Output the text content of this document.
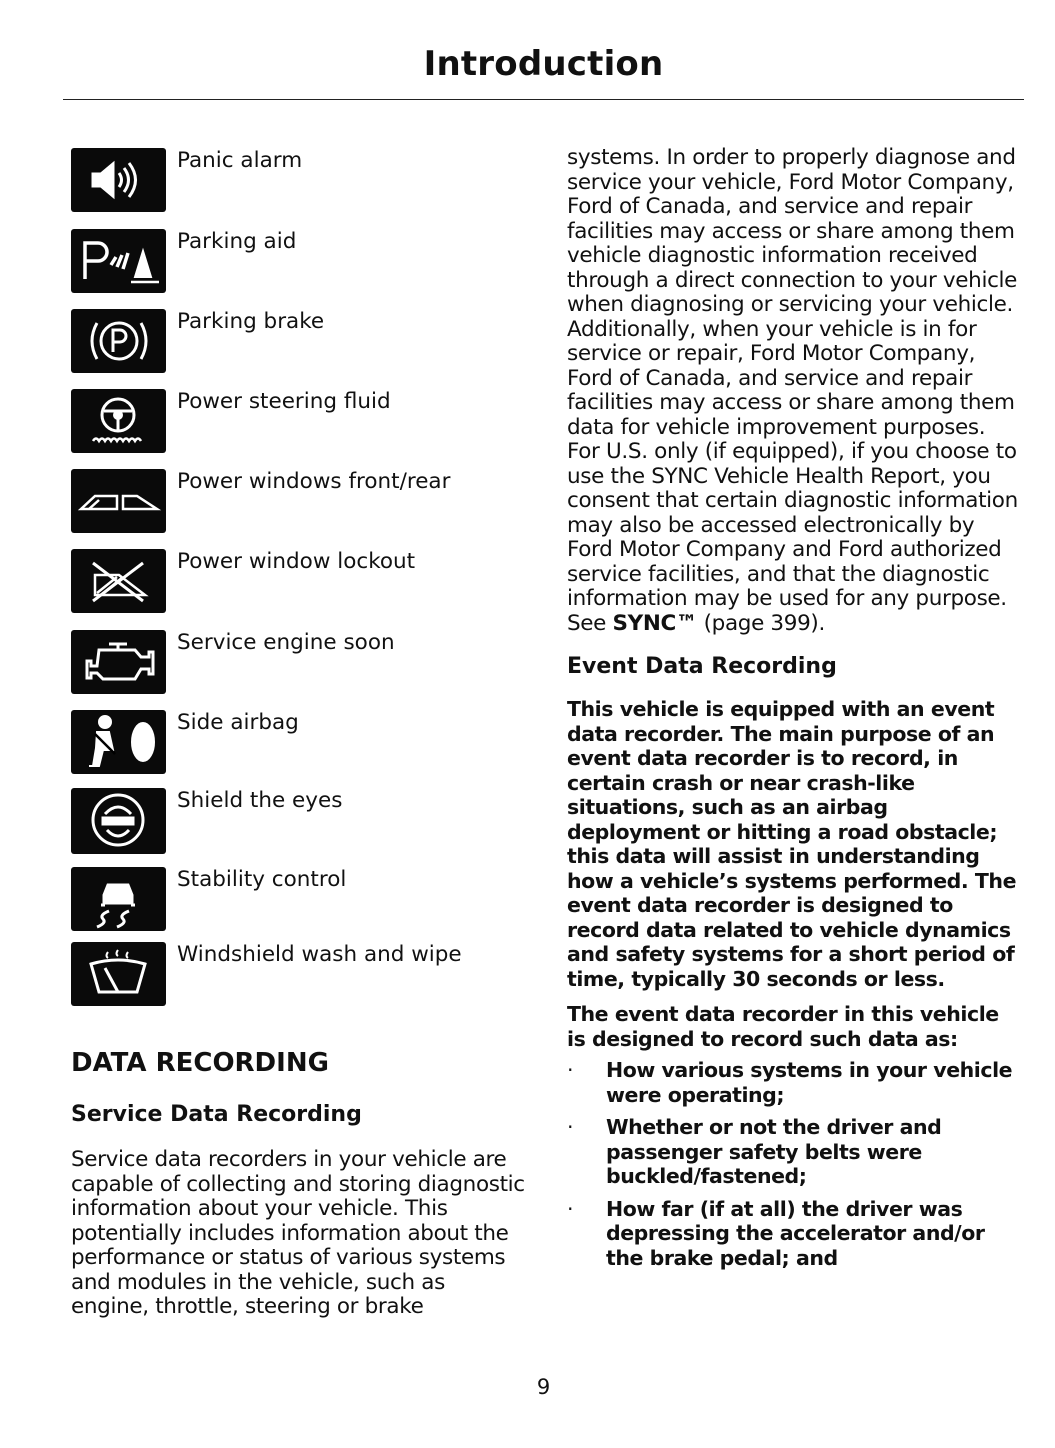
Introduction
Panic alarm
Parking aid
Parking brake
Power steering fluid
Power windows front/rear
Power window lockout
Service engine soon
Side airbag
Shield the eyes
Stability control
Windshield wash and wipe
DATA RECORDING
Service Data Recording
Service data recorders in your vehicle are capable of collecting and storing diagnostic information about your vehicle. This potentially includes information about the performance or status of various systems and modules in the vehicle, such as engine, throttle, steering or brake
systems. In order to properly diagnose and service your vehicle, Ford Motor Company, Ford of Canada, and service and repair facilities may access or share among them vehicle diagnostic information received through a direct connection to your vehicle when diagnosing or servicing your vehicle. Additionally, when your vehicle is in for service or repair, Ford Motor Company, Ford of Canada, and service and repair facilities may access or share among them data for vehicle improvement purposes. For U.S. only (if equipped), if you choose to use the SYNC Vehicle Health Report, you consent that certain diagnostic information may also be accessed electronically by Ford Motor Company and Ford authorized service facilities, and that the diagnostic information may be used for any purpose. See SYNC™ (page 399).
Event Data Recording
This vehicle is equipped with an event data recorder. The main purpose of an event data recorder is to record, in certain crash or near crash-like situations, such as an airbag deployment or hitting a road obstacle; this data will assist in understanding how a vehicle’s systems performed. The event data recorder is designed to record data related to vehicle dynamics and safety systems for a short period of time, typically 30 seconds or less.
The event data recorder in this vehicle is designed to record such data as:
· How various systems in your vehicle were operating;
· Whether or not the driver and passenger safety belts were buckled/fastened;
· How far (if at all) the driver was depressing the accelerator and/or the brake pedal; and
9
